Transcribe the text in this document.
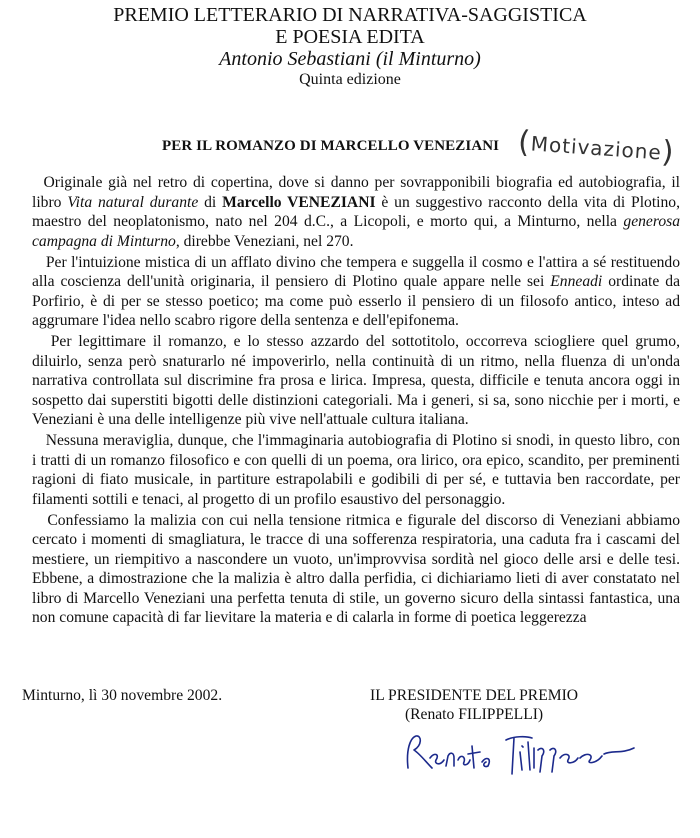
PREMIO LETTERARIO DI NARRATIVA-SAGGISTICA
E POESIA EDITA
Antonio Sebastiani (il Minturno)
Quinta edizione
PER IL ROMANZO DI MARCELLO VENEZIANI (Motivazione)

Originale già nel retro di copertina, dove si danno per sovrapponibili biografia ed autobiografia, il libro Vita natural durante di Marcello VENEZIANI è un suggestivo racconto della vita di Plotino, maestro del neoplatonismo, nato nel 204 d.C., a Licopoli, e morto qui, a Minturno, nella generosa campagna di Minturno, direbbe Veneziani, nel 270.

Per l'intuizione mistica di un afflato divino che tempera e suggella il cosmo e l'attira a sé restituendo alla coscienza dell'unità originaria, il pensiero di Plotino quale appare nelle sei Enneadi ordinate da Porfirio, è di per se stesso poetico; ma come può esserlo il pensiero di un filosofo antico, inteso ad aggrumare l'idea nello scabro rigore della sentenza e dell'epifonema.

Per legittimare il romanzo, e lo stesso azzardo del sottotitolo, occorreva sciogliere quel grumo, diluirlo, senza però snaturarlo né impoverirlo, nella continuità di un ritmo, nella fluenza di un'onda narrativa controllata sul discrimine fra prosa e lirica. Impresa, questa, difficile e tenuta ancora oggi in sospetto dai superstiti bigotti delle distinzioni categoriali. Ma i generi, si sa, sono nicchie per i morti, e Veneziani è una delle intelligenze più vive nell'attuale cultura italiana.

Nessuna meraviglia, dunque, che l'immaginaria autobiografia di Plotino si snodi, in questo libro, con i tratti di un romanzo filosofico e con quelli di un poema, ora lirico, ora epico, scandito, per preminenti ragioni di fiato musicale, in partiture estrapolabili e godibili di per sé, e tuttavia ben raccordate, per filamenti sottili e tenaci, al progetto di un profilo esaustivo del personaggio.

Confessiamo la malizia con cui nella tensione ritmica e figurale del discorso di Veneziani abbiamo cercato i momenti di smagliatura, le tracce di una sofferenza respiratoria, una caduta fra i cascami del mestiere, un riempitivo a nascondere un vuoto, un'improvvisa sordità nel gioco delle arsi e delle tesi. Ebbene, a dimostrazione che la malizia è altro dalla perfidia, ci dichiariamo lieti di aver constatato nel libro di Marcello Veneziani una perfetta tenuta di stile, un governo sicuro della sintassi fantastica, una non comune capacità di far lievitare la materia e di calarla in forme di poetica leggerezza

Minturno, lì 30 novembre 2002.	IL PRESIDENTE DEL PREMIO
(Renato FILIPPELLI)
